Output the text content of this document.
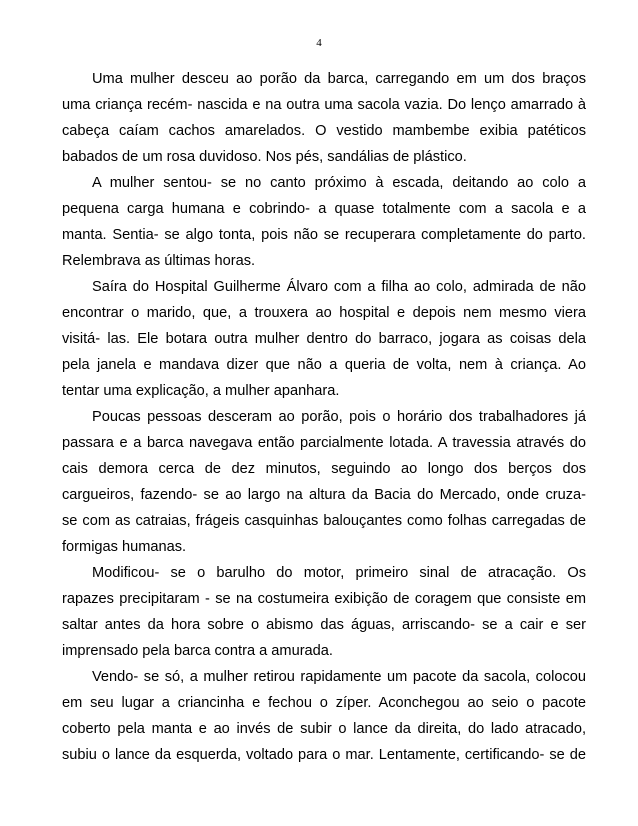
4
Uma mulher desceu ao porão da barca, carregando em um dos braços
uma criança recém- nascida e na outra uma sacola vazia. Do lenço amarrado à
cabeça caíam cachos amarelados. O vestido mambembe exibia patéticos
babados de um rosa duvidoso. Nos pés, sandálias de plástico.
A mulher sentou- se no canto próximo à escada, deitando ao colo a
pequena carga humana e cobrindo- a quase totalmente com a sacola e a
manta. Sentia- se algo tonta, pois não se recuperara completamente do parto.
Relembrava as últimas horas.
Saíra do Hospital Guilherme Álvaro com a filha ao colo, admirada de não
encontrar o marido, que, a trouxera ao hospital e depois nem mesmo viera
visitá- las. Ele botara outra mulher dentro do barraco, jogara as coisas dela
pela janela e mandava dizer que não a queria de volta, nem à criança. Ao
tentar uma explicação, a mulher apanhara.
Poucas pessoas desceram ao porão, pois o horário dos trabalhadores já
passara e a barca navegava então parcialmente lotada. A travessia através do
cais demora cerca de dez minutos, seguindo ao longo dos berços dos
cargueiros, fazendo- se ao largo na altura da Bacia do Mercado, onde cruza-
se com as catraias, frágeis casquinhas balouçantes como folhas carregadas de
formigas humanas.
Modificou- se o barulho do motor, primeiro sinal de atracação. Os
rapazes precipitaram - se na costumeira exibição de coragem que consiste em
saltar antes da hora sobre o abismo das águas, arriscando- se a cair e ser
imprensado pela barca contra a amurada.
Vendo- se só, a mulher retirou rapidamente um pacote da sacola, colocou
em seu lugar a criancinha e fechou o zíper. Aconchegou ao seio o pacote
coberto pela manta e ao invés de subir o lance da direita, do lado atracado,
subiu o lance da esquerda, voltado para o mar. Lentamente, certificando- se de
